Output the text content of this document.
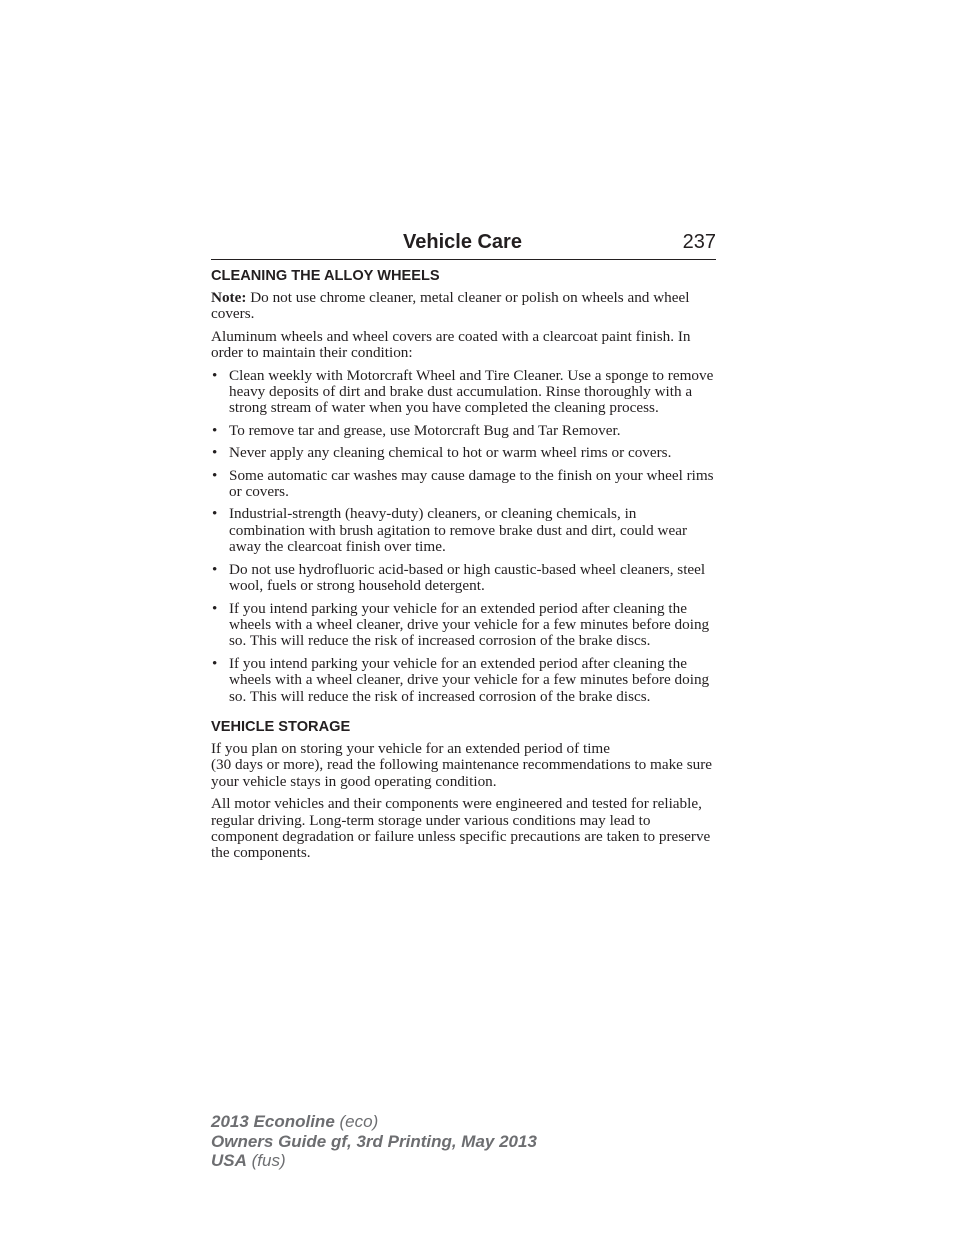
Vehicle Care	237
CLEANING THE ALLOY WHEELS

Note: Do not use chrome cleaner, metal cleaner or polish on wheels and wheel covers.

Aluminum wheels and wheel covers are coated with a clearcoat paint finish. In order to maintain their condition:

• Clean weekly with Motorcraft Wheel and Tire Cleaner. Use a sponge to remove heavy deposits of dirt and brake dust accumulation. Rinse thoroughly with a strong stream of water when you have completed the cleaning process.
• To remove tar and grease, use Motorcraft Bug and Tar Remover.
• Never apply any cleaning chemical to hot or warm wheel rims or covers.
• Some automatic car washes may cause damage to the finish on your wheel rims or covers.
• Industrial-strength (heavy-duty) cleaners, or cleaning chemicals, in combination with brush agitation to remove brake dust and dirt, could wear away the clearcoat finish over time.
• Do not use hydrofluoric acid-based or high caustic-based wheel cleaners, steel wool, fuels or strong household detergent.
• If you intend parking your vehicle for an extended period after cleaning the wheels with a wheel cleaner, drive your vehicle for a few minutes before doing so. This will reduce the risk of increased corrosion of the brake discs.
• If you intend parking your vehicle for an extended period after cleaning the wheels with a wheel cleaner, drive your vehicle for a few minutes before doing so. This will reduce the risk of increased corrosion of the brake discs.
VEHICLE STORAGE

If you plan on storing your vehicle for an extended period of time
(30 days or more), read the following maintenance recommendations to make sure your vehicle stays in good operating condition.

All motor vehicles and their components were engineered and tested for reliable, regular driving. Long-term storage under various conditions may lead to component degradation or failure unless specific precautions are taken to preserve the components.

2013 Econoline (eco)
Owners Guide gf, 3rd Printing, May 2013
USA (fus)
